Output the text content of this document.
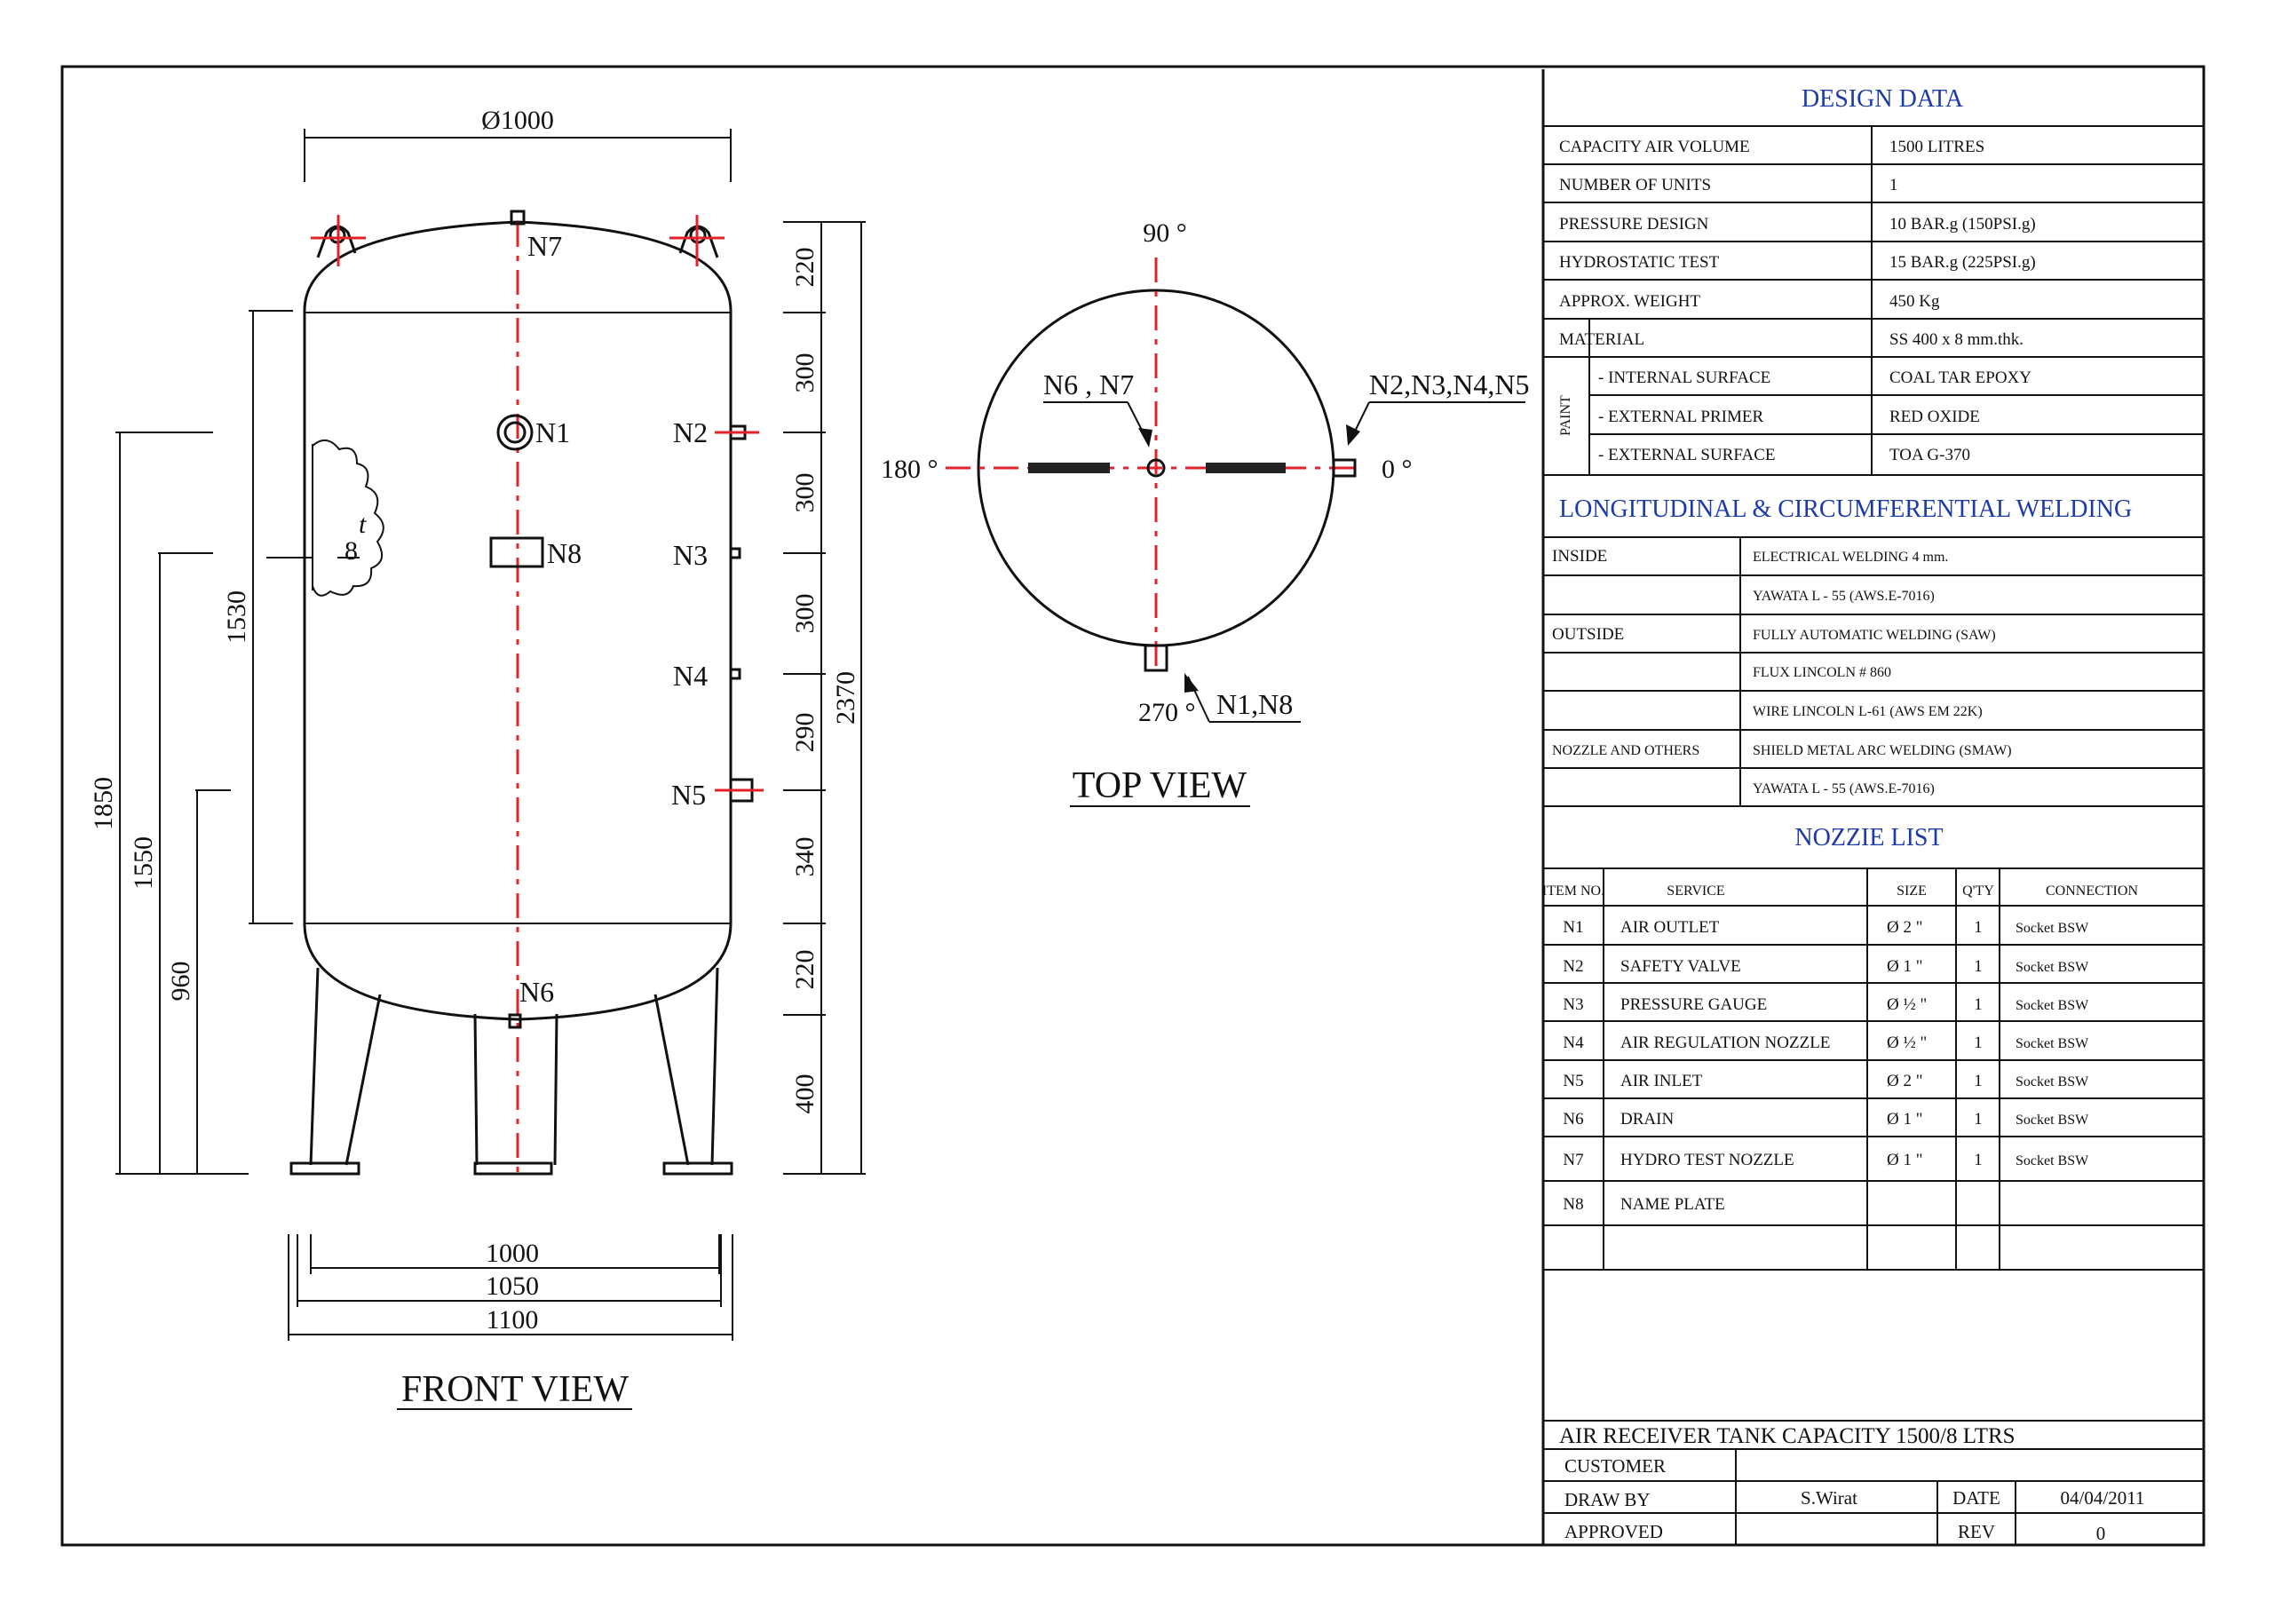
Ø1000
N7
N1
N8
N6
N2
N3
N4
N5
t
8
220
300
300
300
290
340
220
400
2370
1850
1550
960
1530
1000
1050
1100
FRONT VIEW
90 °
180 °	0 °
270 °
N6 , N7	N2,N3,N4,N5
N1,N8
TOP VIEW
DESIGN DATA
CAPACITY AIR VOLUME	1500 LITRES
NUMBER OF UNITS	1
PRESSURE DESIGN	10 BAR.g (150PSI.g)
HYDROSTATIC TEST	15 BAR.g (225PSI.g)
APPROX. WEIGHT	450 Kg
MATERIAL	SS 400 x 8 mm.thk.
PAINT
- INTERNAL SURFACE	COAL TAR EPOXY
- EXTERNAL PRIMER	RED OXIDE
- EXTERNAL SURFACE	TOA G-370
LONGITUDINAL & CIRCUMFERENTIAL WELDING
INSIDE	ELECTRICAL WELDING 4 mm.
YAWATA L - 55 (AWS.E-7016)
OUTSIDE	FULLY AUTOMATIC WELDING (SAW)
FLUX LINCOLN # 860
WIRE LINCOLN L-61 (AWS EM 22K)
NOZZLE AND OTHERS	SHIELD METAL ARC WELDING (SMAW)
YAWATA L - 55 (AWS.E-7016)
NOZZIE LIST
ITEM NO.	SERVICE	SIZE	Q'TY	CONNECTION
N1 AIR OUTLET	Ø 2 "	1 Socket BSW
N2 SAFETY VALVE	Ø 1 "	1 Socket BSW
N3 PRESSURE GAUGE	Ø ½ "	1 Socket BSW
N4 AIR REGULATION NOZZLE	Ø ½ "	1 Socket BSW
N5 AIR INLET	Ø 2 "	1 Socket BSW
N6 DRAIN	Ø 1 "	1 Socket BSW
N7 HYDRO TEST NOZZLE	Ø 1 "	1 Socket BSW
N8 NAME PLATE
AIR RECEIVER TANK CAPACITY 1500/8 LTRS
CUSTOMER
DRAW BY	S.Wirat	DATE	04/04/2011
APPROVED	REV	0
